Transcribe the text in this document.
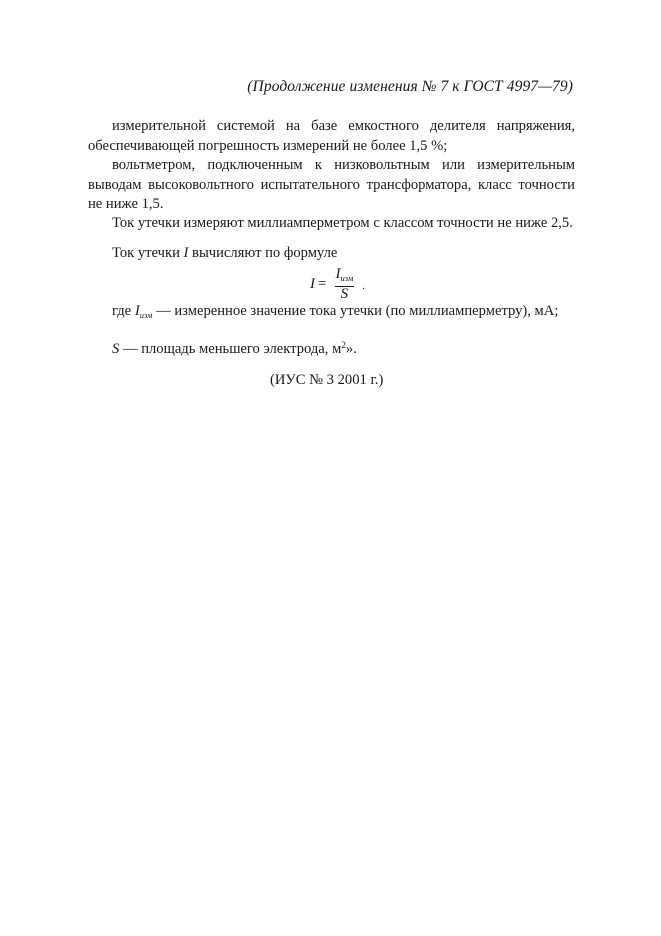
(Продолжение изменения № 7 к ГОСТ 4997—79)

измерительной системой на базе емкостного делителя напряжения, обеспечивающей погрешность измерений не более 1,5 %;

вольтметром, подключенным к низковольтным или измерительным выводам высоковольтного испытательного трансформатора, класс точности не ниже 1,5.

Ток утечки измеряют миллиамперметром с классом точности не ниже 2,5.

Ток утечки I вычисляют по формуле

$I = \frac{I_{изм}}{S}$ .

где $I_{изм}$ — измеренное значение тока утечки (по миллиамперметру), мА;

S — площадь меньшего электрода, $м^2$».

(ИУС № 3 2001 г.)
